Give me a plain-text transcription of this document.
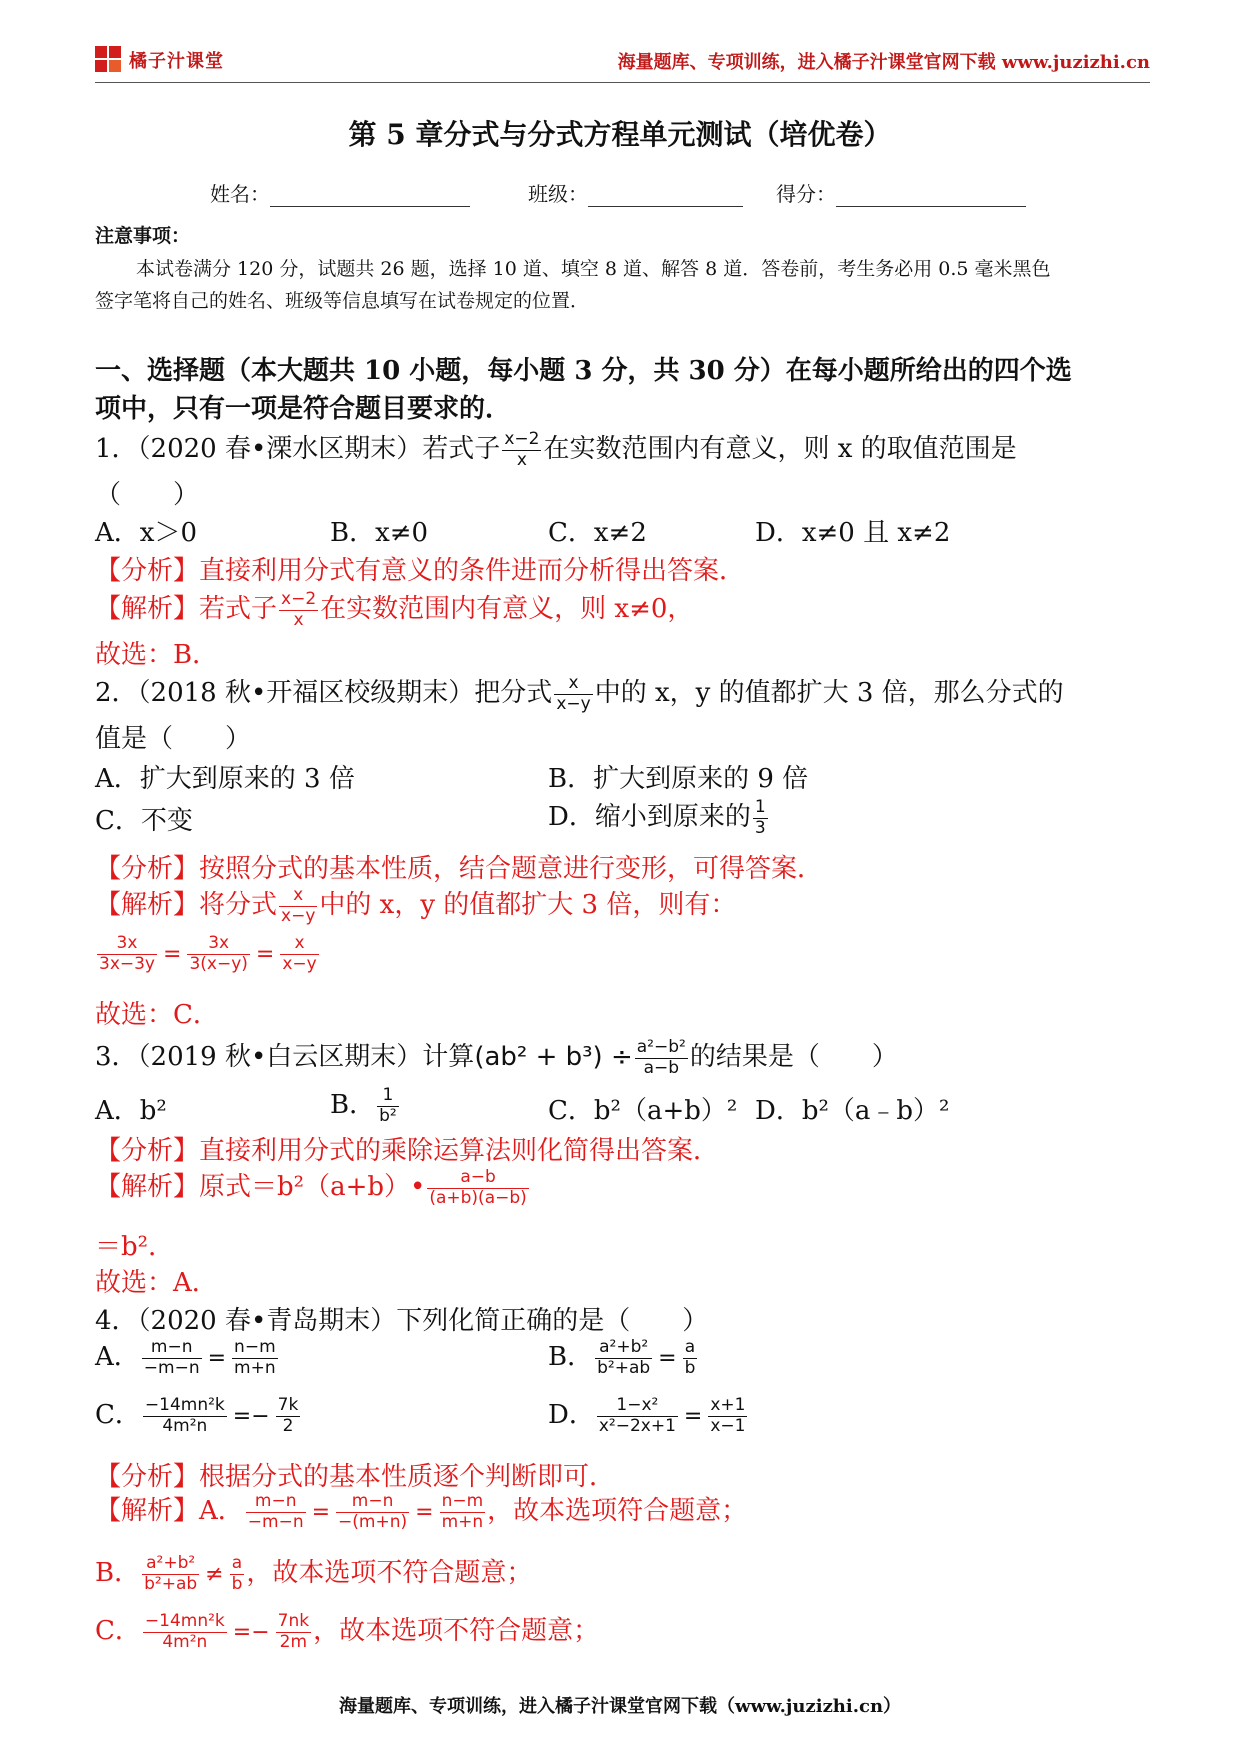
橘子汁课堂	海量题库、专项训练，进入橘子汁课堂官网下载 www.juzizhi.cn
第 5 章分式与分式方程单元测试（培优卷）
姓名：	班级：	得分：
注意事项：
本试卷满分 120 分，试题共 26 题，选择 10 道、填空 8 道、解答 8 道．答卷前，考生务必用 0.5 毫米黑色
签字笔将自己的姓名、班级等信息填写在试卷规定的位置．
一、选择题（本大题共 10 小题，每小题 3 分，共 30 分）在每小题所给出的四个选
项中，只有一项是符合题目要求的．
1．（2020 春•溧水区期末）若式子 $\frac{x-2}{x}$ 在实数范围内有意义，则 x 的取值范围是
（　　）
A．x＞0	B．x≠0	C．x≠2	D．x≠0 且 x≠2
【分析】直接利用分式有意义的条件进而分析得出答案．
【解析】若式子 $\frac{x-2}{x}$ 在实数范围内有意义，则 x≠0，
故选：B．
2．（2018 秋•开福区校级期末）把分式 $\frac{x}{x-y}$ 中的 x，y 的值都扩大 3 倍，那么分式的
值是（　　）
A．扩大到原来的 3 倍	B．扩大到原来的 9 倍
C．不变	D．缩小到原来的 $\frac{1}{3}$
【分析】按照分式的基本性质，结合题意进行变形，可得答案．
【解析】将分式 $\frac{x}{x-y}$ 中的 x，y 的值都扩大 3 倍，则有：
$\frac{3x}{3x-3y} = \frac{3x}{3(x-y)} = \frac{x}{x-y}$
故选：C．
3．（2019 秋•白云区期末）计算$(ab^2 + b^3) \div \frac{\text{a²−b²}}{a-b}$ 的结果是（　　）
A．b²	B． $\frac{1}{\text{b²}}$	C．b²（a+b）² D．b²（a﹣b）²
【分析】直接利用分式的乘除运算法则化简得出答案．
【解析】原式＝b²（a+b）• $\frac{a-b}{(a+b)(a-b)}$
＝b²．
故选：A．
4．（2020 春•青岛期末）下列化简正确的是（　　）
A． $\frac{m-n}{-m-n} = \frac{n-m}{m+n}$	B． $\frac{\text{a²+b²}}{\text{b²+ab}} = \frac{a}{b}$
C． $\frac{\text{−14mn²k}}{\text{4m²n}} =- \frac{7k}{2}$	D． $\frac{\text{1−x²}}{\text{x²−2x+1}} = \frac{x+1}{x-1}$
【分析】根据分式的基本性质逐个判断即可．
【解析】A． $\frac{m-n}{-m-n} = \frac{m-n}{-(m+n)} = \frac{n-m}{m+n}$ ，故本选项符合题意；
B． $\frac{\text{a²+b²}}{\text{b²+ab}} \ne \frac{a}{b}$ ，故本选项不符合题意；
C． $\frac{\text{−14mn²k}}{\text{4m²n}} =- \frac{7nk}{2m}$ ，故本选项不符合题意；
海量题库、专项训练，进入橘子汁课堂官网下载（www.juzizhi.cn）
